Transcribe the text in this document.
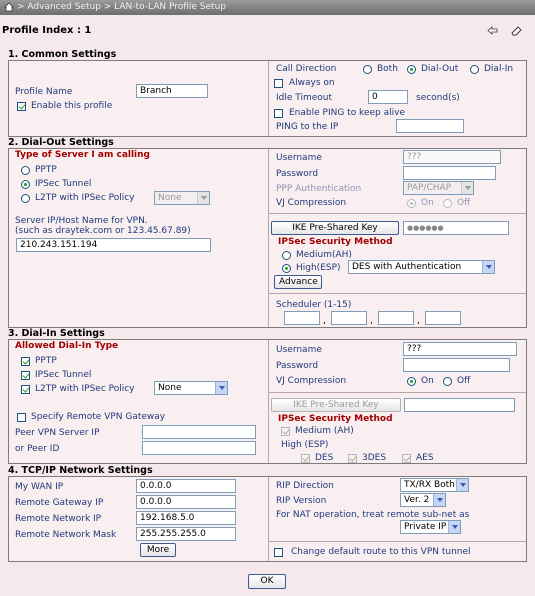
> Advanced Setup > LAN-to-LAN Profile Setup
Profile Index : 1
1. Common Settings
Profile Name	Branch
Enable this profile
Call Direction	Both	Dial-Out	Dial-In
Always on
Idle Timeout	0	second(s)
Enable PING to keep alive
PING to the IP
2. Dial-Out Settings
Type of Server I am calling
PPTP
IPSec Tunnel
L2TP with IPSec Policy	None
Server IP/Host Name for VPN.
(such as draytek.com or 123.45.67.89)
210.243.151.194
Username	???
Password
PPP Authentication	PAP/CHAP
VJ Compression	On	Off
IKE Pre-Shared Key	●●●●●●
IPSec Security Method
Medium(AH)
High(ESP)	DES with Authentication
Advance
Scheduler (1-15)
,	,	,
3. Dial-In Settings
Allowed Dial-In Type
PPTP
IPSec Tunnel
L2TP with IPSec Policy	None
Specify Remote VPN Gateway
Peer VPN Server IP
or Peer ID
Username	???
Password
VJ Compression	On	Off
IKE Pre-Shared Key
IPSec Security Method
Medium (AH)
High (ESP)
DES	3DES	AES
4. TCP/IP Network Settings
My WAN IP	0.0.0.0
Remote Gateway IP	0.0.0.0
Remote Network IP	192.168.5.0
Remote Network Mask	255.255.255.0
More
RIP Direction	TX/RX Both
RIP Version	Ver. 2
For NAT operation, treat remote sub-net as
Private IP
Change default route to this VPN tunnel
OK
